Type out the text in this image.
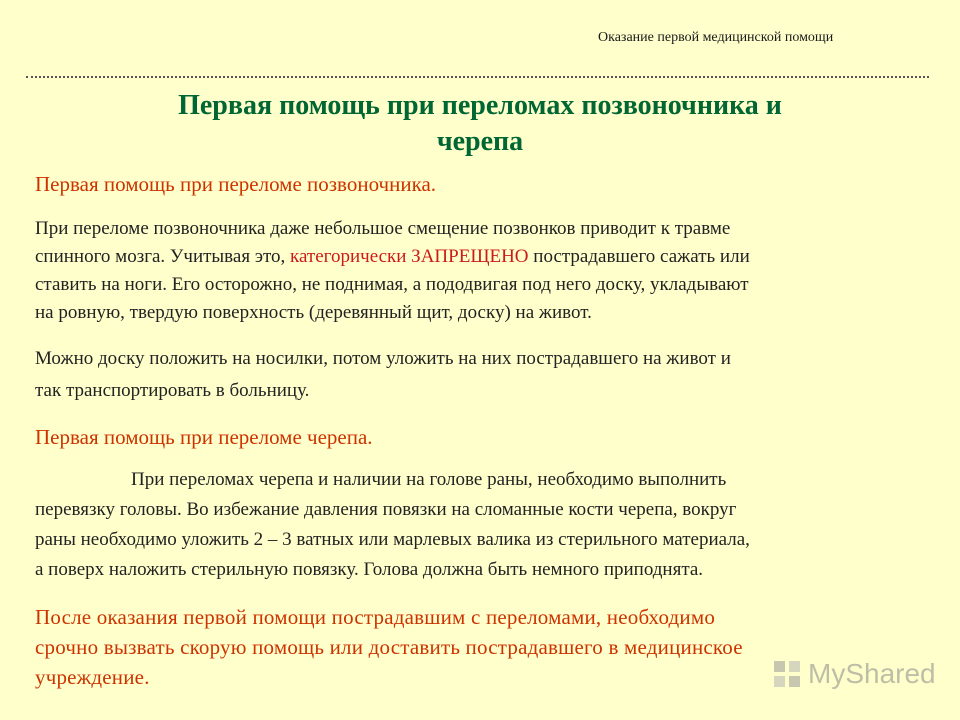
Оказание первой медицинской помощи
Первая помощь при переломах позвоночника и
черепа
Первая помощь при переломе позвоночника.
При переломе позвоночника даже небольшое смещение позвонков приводит к травме
спинного мозга. Учитывая это, категорически ЗАПРЕЩЕНО пострадавшего сажать или
ставить на ноги. Его осторожно, не поднимая, а пододвигая под него доску, укладывают
на ровную, твердую поверхность (деревянный щит, доску) на живот.
Можно доску положить на носилки, потом уложить на них пострадавшего на живот и
так транспортировать в больницу.
Первая помощь при переломе черепа.
При переломах черепа и наличии на голове раны, необходимо выполнить
перевязку головы. Во избежание давления повязки на сломанные кости черепа, вокруг
раны необходимо уложить 2 – 3 ватных или марлевых валика из стерильного материала,
а поверх наложить стерильную повязку. Голова должна быть немного приподнята.
После оказания первой помощи пострадавшим с переломами, необходимо
срочно вызвать скорую помощь или доставить пострадавшего в медицинское
учреждение.	MyShared
